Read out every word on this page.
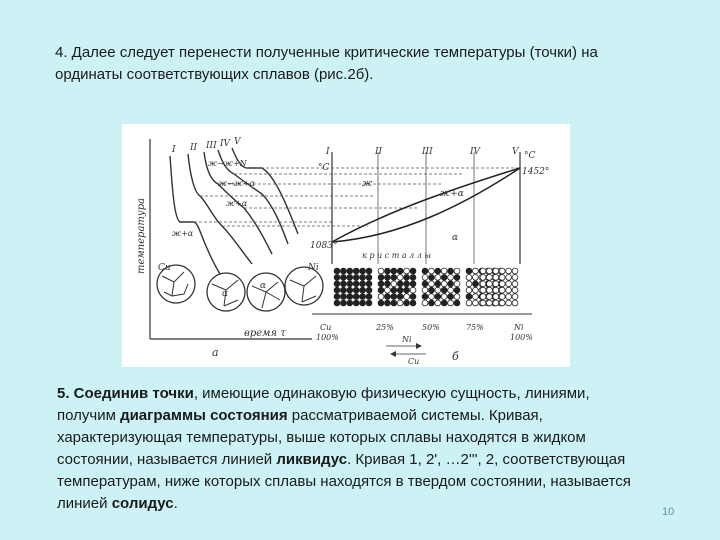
4. Далее следует перенести полученные критические температуры (точки) на
ординаты соответствующих сплавов (рис.2б).
температура
I II III IV V
ж→ж+N
ж→ж+α
ж+α
ж+α
Cu
α
α
Ni
время τ
а
°C
°C
II	III	IV	V
I
1083°
1452°
ж
ж+α
α
к р и с т а л л ы
Cu
100%
25%	50%	75%	Ni
100%
Ni
Cu	б
5. Соединив точки, имеющие одинаковую физическую сущность, линиями,
получим диаграммы состояния рассматриваемой системы. Кривая,
характеризующая температуры, выше которых сплавы находятся в жидком
состоянии, называется линией ликвидус. Кривая 1, 2', …2''', 2, соответствующая
температурам, ниже которых сплавы находятся в твердом состоянии, называется
линией солидус.	10
